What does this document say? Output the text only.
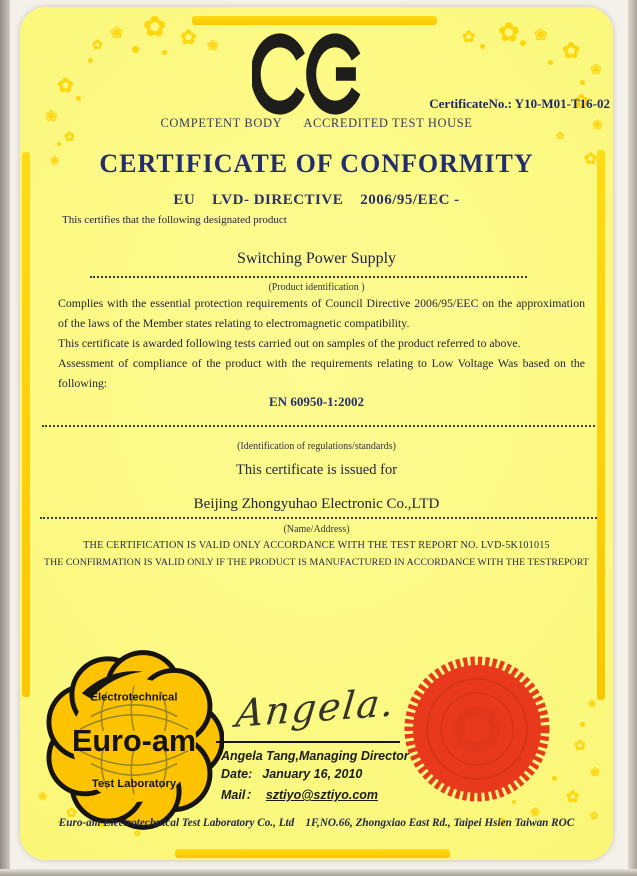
✿
❀
✿
❀
✿
✿
❀
✿
❀
✿
✿
❀
✿
❀
✿
❀
✿
✿
❀
✿
❀
✿
❀
✿
✿
✿
❀
✿
❀
✿
CertificateNo.: Y10-M01-T16-02
COMPETENT BODY      ACCREDITED TEST HOUSE
CERTIFICATE OF CONFORMITY
EU    LVD- DIRECTIVE    2006/95/EEC -
This certifies that the following designated product
Switching Power Supply
(Product identification )

Complies with the essential protection requirements of Council Directive 2006/95/EEC on the approximation of the laws of the Member states relating to electromagnetic compatibility.

This certificate is awarded following tests carried out on samples of the product referred to above.

Assessment of compliance of the product with the requirements relating to Low Voltage Was based on the following:

EN 60950-1:2002
(Identification of regulations/standards)
This certificate is issued for
Beijing Zhongyuhao Electronic Co.,LTD
(Name/Address)
THE CERTIFICATION IS VALID ONLY ACCORDANCE WITH THE TEST REPORT NO. LVD-5K101015
THE CONFIRMATION IS VALID ONLY IF THE PRODUCT IS MANUFACTURED IN ACCORDANCE WITH THE TESTREPORT
Electrotechnical
Euro-am
Test Laboratory
Angela.
Angela Tang,Managing Director
Date: January 16, 2010
Mail： sztiyo@sztiyo.com
Euro-am Electrotechnical Test Laboratory Co., Ltd    1F,NO.66, Zhongxiao East Rd., Taipei Hsien Taiwan ROC
